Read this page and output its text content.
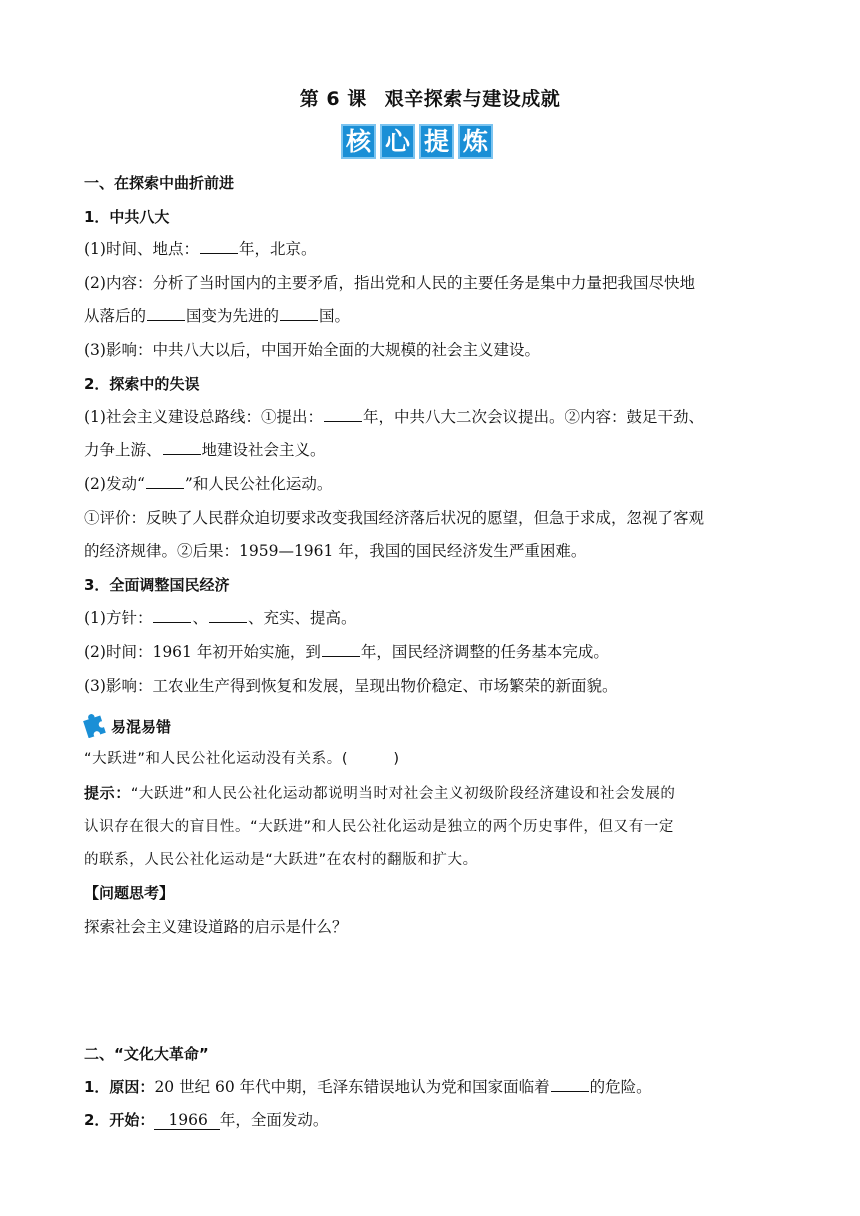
第 6 课 艰辛探索与建设成就
核 心 提 炼
一、在探索中曲折前进
1．中共八大
(1)时间、地点：	年，北京。
(2)内容：分析了当时国内的主要矛盾，指出党和人民的主要任务是集中力量把我国尽快地
从落后的	国变为先进的	国。
(3)影响：中共八大以后，中国开始全面的大规模的社会主义建设。
2．探索中的失误
(1)社会主义建设总路线：①提出：	年，中共八大二次会议提出。②内容：鼓足干劲、
力争上游、	地建设社会主义。
(2)发动“	”和人民公社化运动。
①评价：反映了人民群众迫切要求改变我国经济落后状况的愿望，但急于求成，忽视了客观
的经济规律。②后果：1959—1961 年，我国的国民经济发生严重困难。
3．全面调整国民经济
(1)方针：	、	、充实、提高。
(2)时间：1961 年初开始实施，到	年，国民经济调整的任务基本完成。
(3)影响：工农业生产得到恢复和发展，呈现出物价稳定、市场繁荣的新面貌。
易混易错
“大跃进”和人民公社化运动没有关系。(　　　)
提示：“大跃进”和人民公社化运动都说明当时对社会主义初级阶段经济建设和社会发展的
认识存在很大的盲目性。“大跃进”和人民公社化运动是独立的两个历史事件，但又有一定
的联系，人民公社化运动是“大跃进”在农村的翻版和扩大。
【问题思考】
探索社会主义建设道路的启示是什么？
二、“文化大革命”
1．原因：20 世纪 60 年代中期，毛泽东错误地认为党和国家面临着	的危险。
2．开始： 1966 年，全面发动。
